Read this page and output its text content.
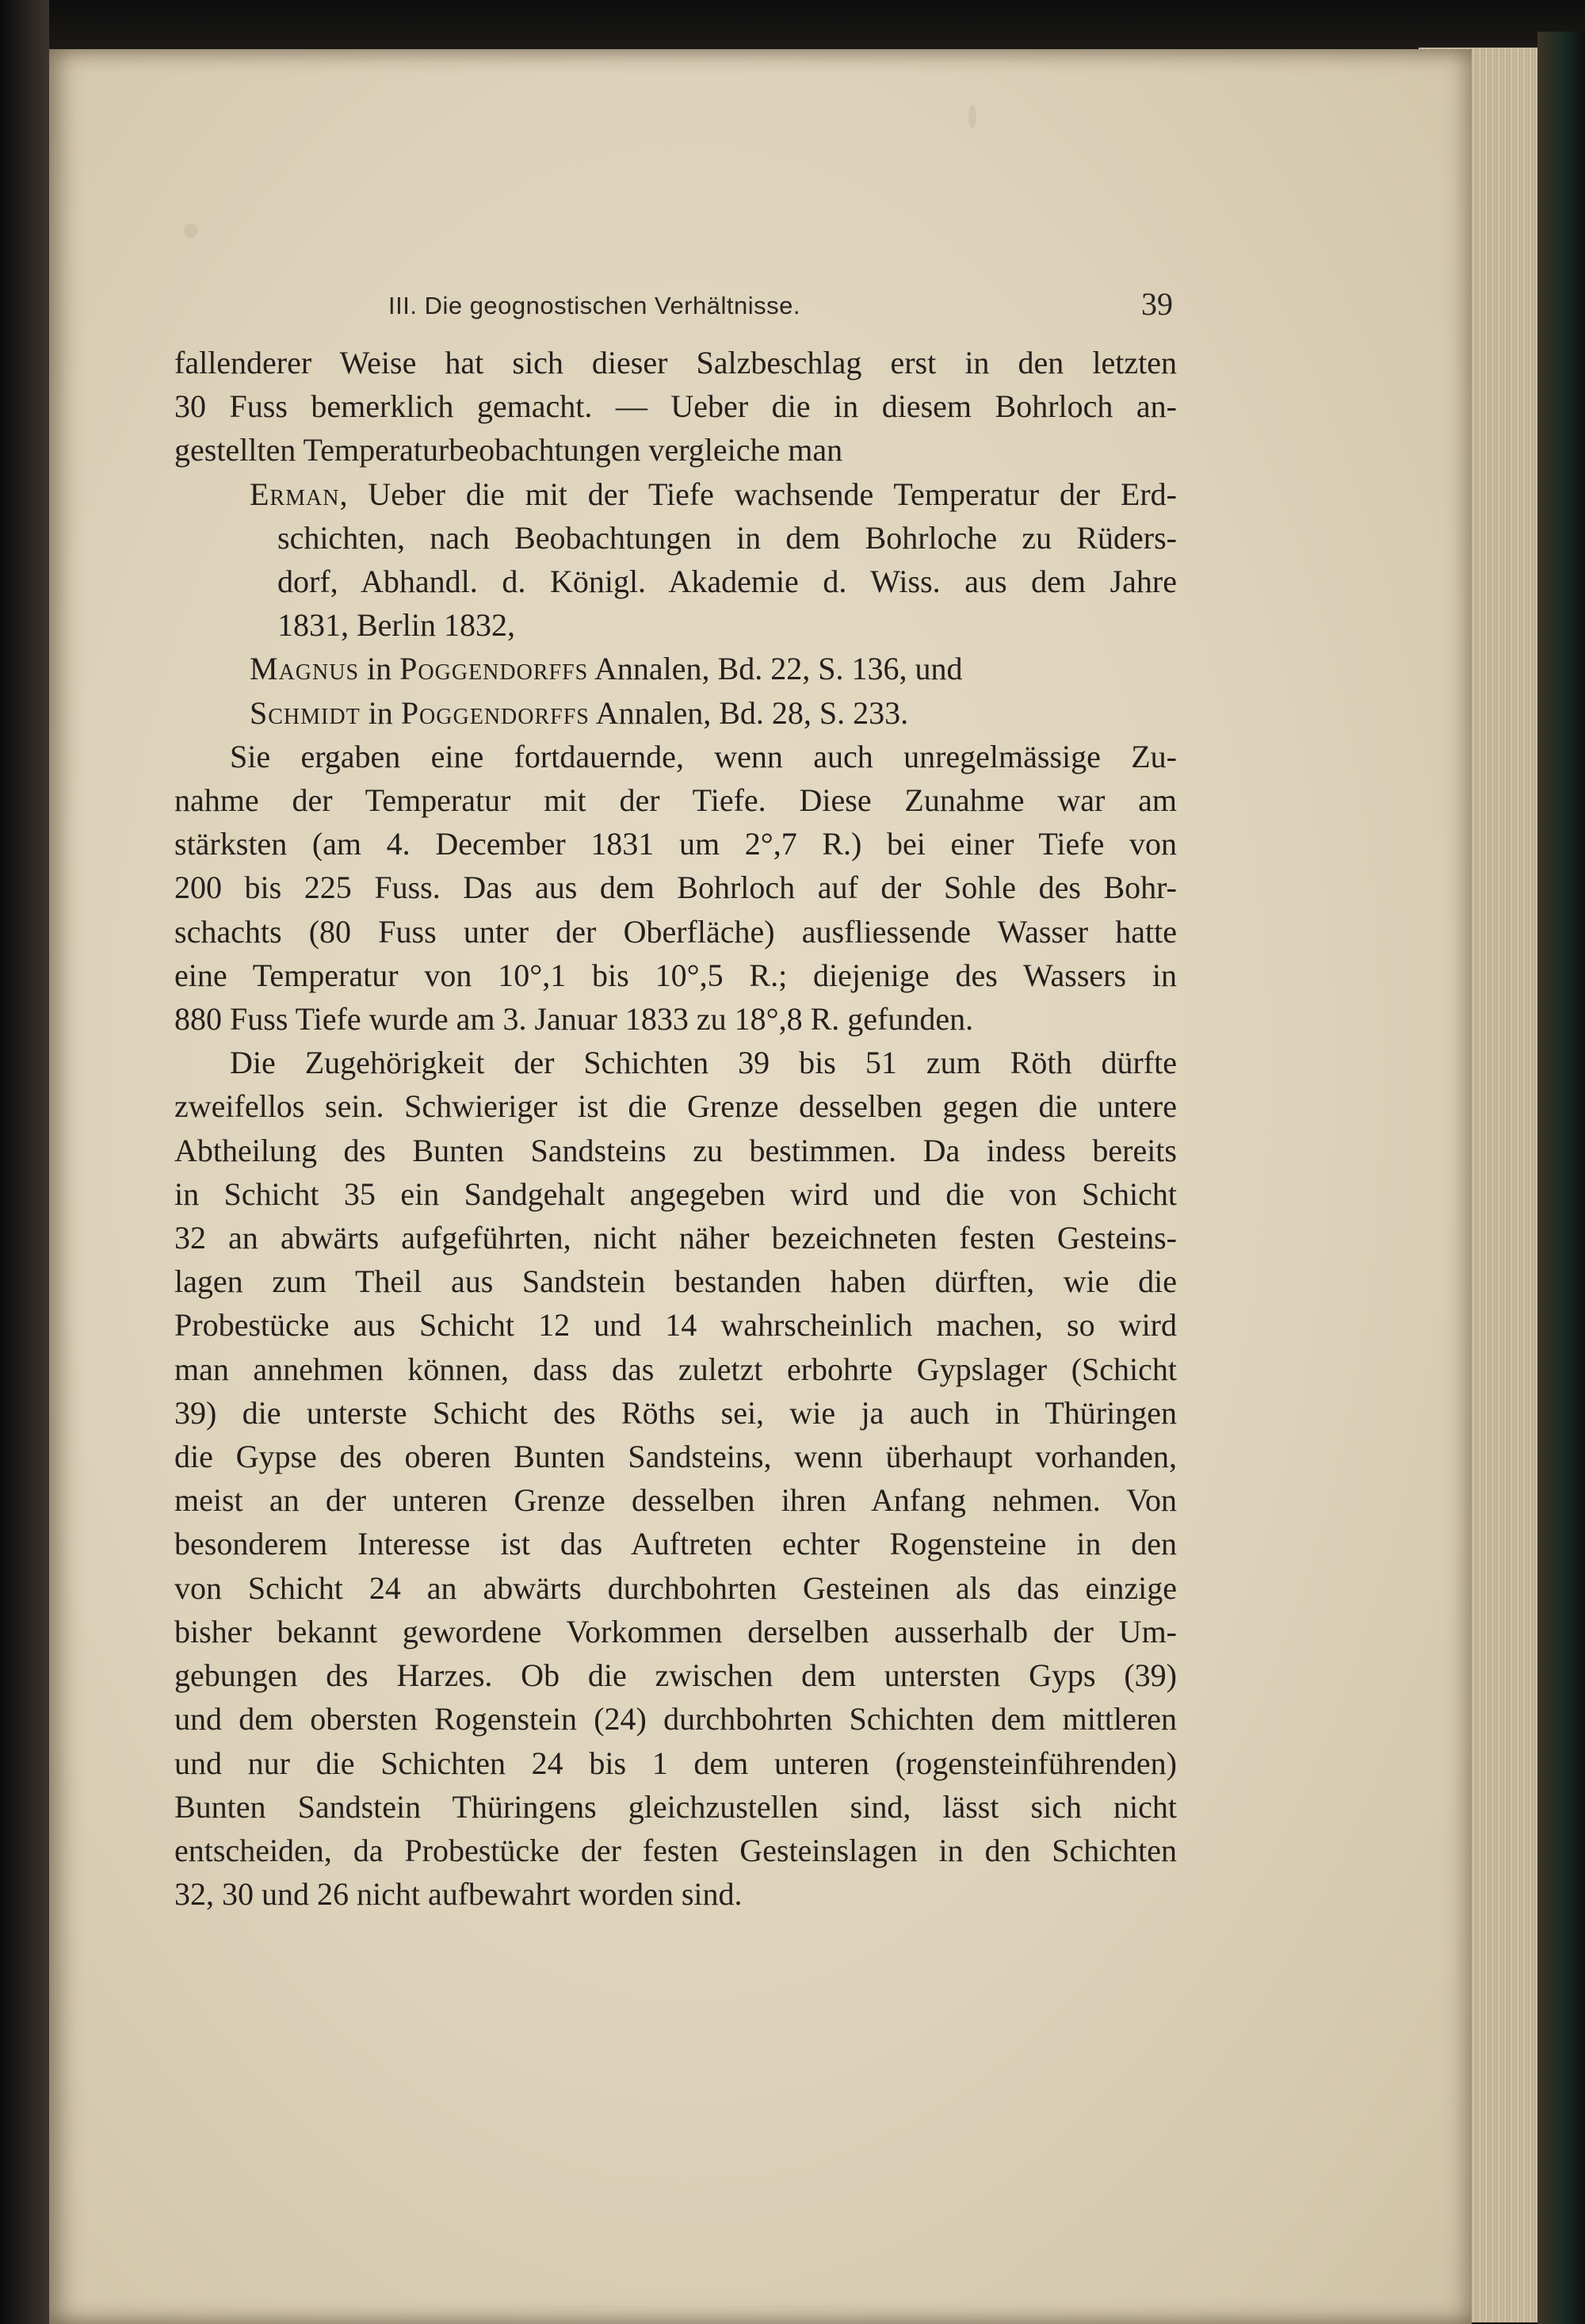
III. Die geognostischen Verhältnisse.	39
fallenderer Weise hat sich dieser Salzbeschlag erst in den letzten
30 Fuss bemerklich gemacht. — Ueber die in diesem Bohrloch an-
gestellten Temperaturbeobachtungen vergleiche man
Erman, Ueber die mit der Tiefe wachsende Temperatur der Erd-
schichten, nach Beobachtungen in dem Bohrloche zu Rüders-
dorf, Abhandl. d. Königl. Akademie d. Wiss. aus dem Jahre
1831, Berlin 1832,
Magnus in Poggendorffs Annalen, Bd. 22, S. 136, und
Schmidt in Poggendorffs Annalen, Bd. 28, S. 233.
Sie ergaben eine fortdauernde, wenn auch unregelmässige Zu-
nahme der Temperatur mit der Tiefe. Diese Zunahme war am
stärksten (am 4. December 1831 um 2°,7 R.) bei einer Tiefe von
200 bis 225 Fuss. Das aus dem Bohrloch auf der Sohle des Bohr-
schachts (80 Fuss unter der Oberfläche) ausfliessende Wasser hatte
eine Temperatur von 10°,1 bis 10°,5 R.; diejenige des Wassers in
880 Fuss Tiefe wurde am 3. Januar 1833 zu 18°,8 R. gefunden.
Die Zugehörigkeit der Schichten 39 bis 51 zum Röth dürfte
zweifellos sein. Schwieriger ist die Grenze desselben gegen die untere
Abtheilung des Bunten Sandsteins zu bestimmen. Da indess bereits
in Schicht 35 ein Sandgehalt angegeben wird und die von Schicht
32 an abwärts aufgeführten, nicht näher bezeichneten festen Gesteins-
lagen zum Theil aus Sandstein bestanden haben dürften, wie die
Probestücke aus Schicht 12 und 14 wahrscheinlich machen, so wird
man annehmen können, dass das zuletzt erbohrte Gypslager (Schicht
39) die unterste Schicht des Röths sei, wie ja auch in Thüringen
die Gypse des oberen Bunten Sandsteins, wenn überhaupt vorhanden,
meist an der unteren Grenze desselben ihren Anfang nehmen. Von
besonderem Interesse ist das Auftreten echter Rogensteine in den
von Schicht 24 an abwärts durchbohrten Gesteinen als das einzige
bisher bekannt gewordene Vorkommen derselben ausserhalb der Um-
gebungen des Harzes. Ob die zwischen dem untersten Gyps (39)
und dem obersten Rogenstein (24) durchbohrten Schichten dem mittleren
und nur die Schichten 24 bis 1 dem unteren (rogensteinführenden)
Bunten Sandstein Thüringens gleichzustellen sind, lässt sich nicht
entscheiden, da Probestücke der festen Gesteinslagen in den Schichten
32, 30 und 26 nicht aufbewahrt worden sind.
